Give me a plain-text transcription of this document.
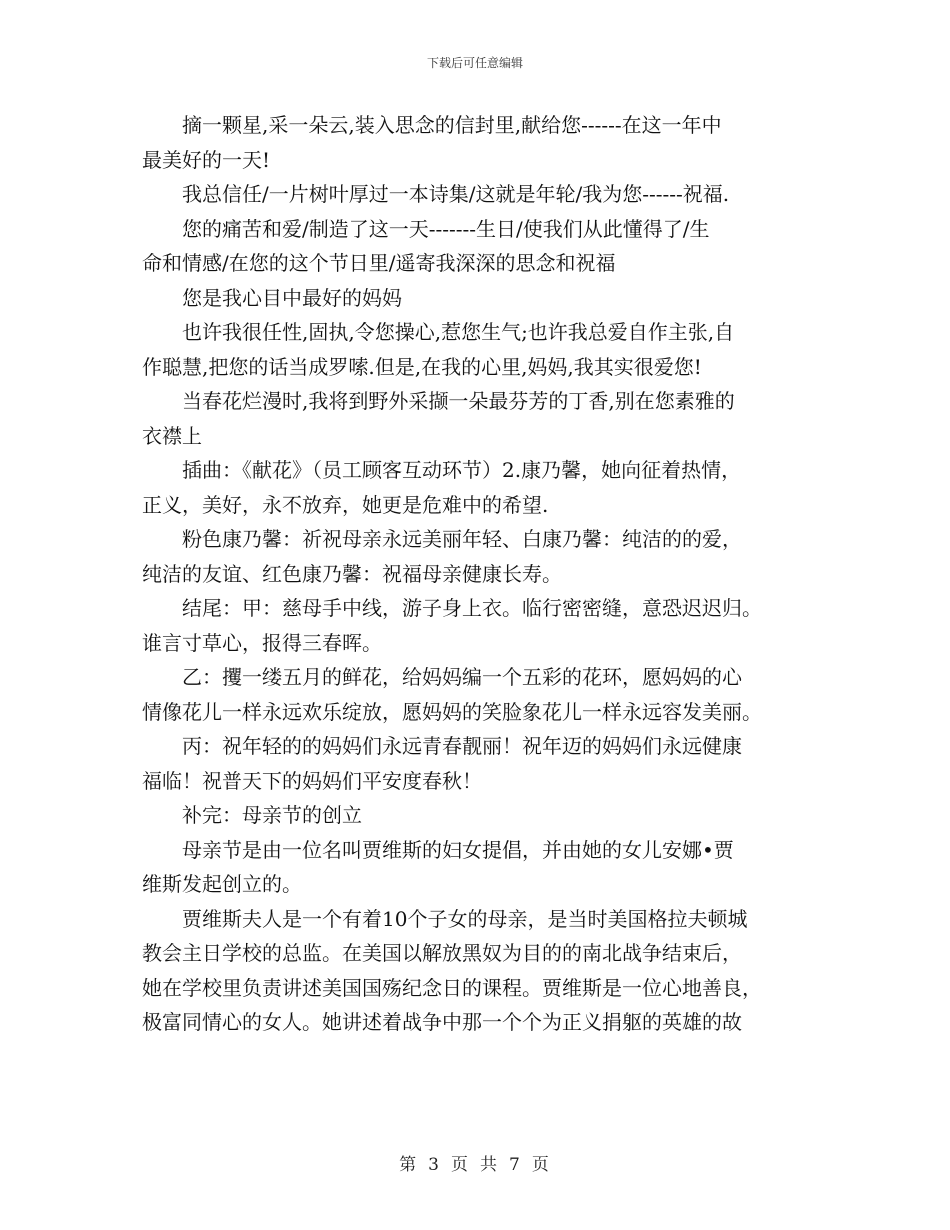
下载后可任意编辑

摘一颗星,采一朵云,装入思念的信封里,献给您------在这一年中
最美好的一天!

我总信任/一片树叶厚过一本诗集/这就是年轮/我为您------祝福.

您的痛苦和爱/制造了这一天-------生日/使我们从此懂得了/生
命和情感/在您的这个节日里/遥寄我深深的思念和祝福

您是我心目中最好的妈妈

也许我很任性,固执,令您操心,惹您生气;也许我总爱自作主张,自
作聪慧,把您的话当成罗嗦.但是,在我的心里,妈妈,我其实很爱您!

当春花烂漫时,我将到野外采撷一朵最芬芳的丁香,别在您素雅的
衣襟上

插曲：《献花》（员工顾客互动环节）2.康乃馨，她向征着热情，
正义，美好，永不放弃，她更是危难中的希望.

粉色康乃馨：祈祝母亲永远美丽年轻、白康乃馨：纯洁的的爱，
纯洁的友谊、红色康乃馨：祝福母亲健康长寿。

结尾：甲：慈母手中线，游子身上衣。临行密密缝，意恐迟迟归。
谁言寸草心，报得三春晖。

乙：攫一缕五月的鲜花，给妈妈编一个五彩的花环，愿妈妈的心
情像花儿一样永远欢乐绽放，愿妈妈的笑脸象花儿一样永远容发美丽。

丙：祝年轻的的妈妈们永远青春靓丽！祝年迈的妈妈们永远健康
福临！祝普天下的妈妈们平安度春秋！

补完：母亲节的创立

母亲节是由一位名叫贾维斯的妇女提倡，并由她的女儿安娜•贾
维斯发起创立的。

贾维斯夫人是一个有着10个子女的母亲，是当时美国格拉夫顿城
教会主日学校的总监。在美国以解放黑奴为目的的南北战争结束后，
她在学校里负责讲述美国国殇纪念日的课程。贾维斯是一位心地善良，
极富同情心的女人。她讲述着战争中那一个个为正义捐躯的英雄的故

第 3 页 共 7 页
